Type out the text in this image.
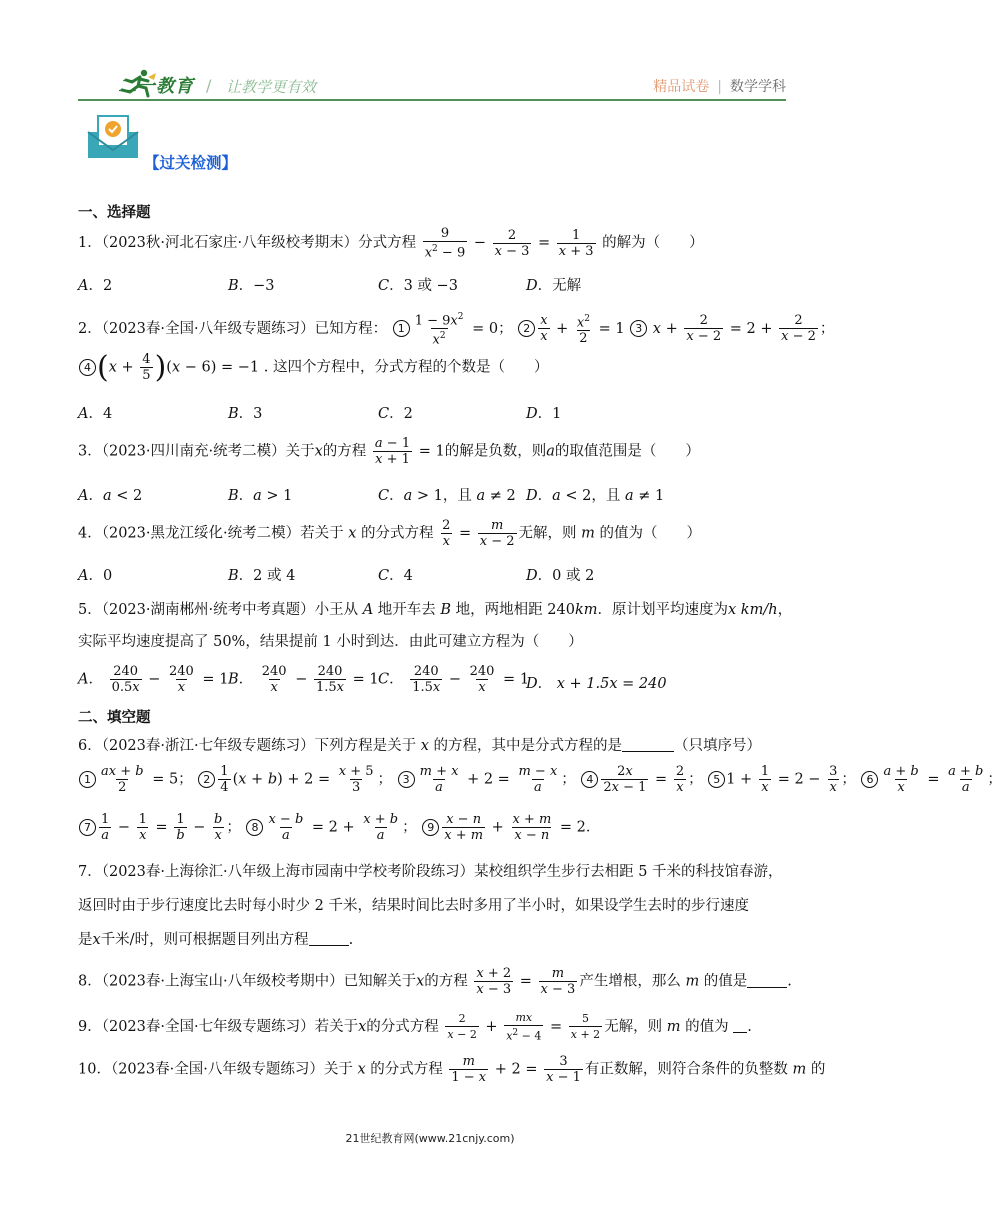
二一教育 / 让教学更有效	精品试卷 | 数学学科
【过关检测】
一、选择题
1．（2023秋·河北石家庄·八年级校考期末）分式方程 $\frac{9}{x^2 - 9} - \frac{2}{x - 3} = \frac{1}{x + 3}$ 的解为（　　）
A．2	B．−3	C．3 或 −3	D．无解
2．（2023春·全国·八年级专题练习）已知方程： $1 \frac{1 - 9x^2}{x^2} = 0$； $2 \frac{x}{x} + \frac{x^2}{2} = 1$ 3 $x + \frac{2}{x - 2} = 2 + \frac{2}{x - 2}$ ；
4 $(x + \frac{4}{5} )(x - 6) = -1$ . 这四个方程中，分式方程的个数是（　　）
A．4	B．3	C．2	D．1
3．（2023·四川南充·统考二模）关于x的方程 $\frac{a - 1}{x + 1} = 1$的解是负数，则a的取值范围是（　　）
A．a < 2	B．a > 1	C．a > 1，且 a ≠ 2 D．a < 2，且 a ≠ 1
4．（2023·黑龙江绥化·统考二模）若关于 x 的分式方程 $\frac{2}{x} = \frac{m}{x - 2}$ 无解，则 m 的值为（　　）
A．0	B．2 或 4	C．4	D．0 或 2
5．（2023·湖南郴州·统考中考真题）小王从 A 地开车去 B 地，两地相距 240km．原计划平均速度为x km/h，
实际平均速度提高了 50%，结果提前 1 小时到达．由此可建立方程为（　　）
A． $\frac{240}{0.5x} - \frac{240}{x} = 1$ B． $\frac{240}{x} - \frac{240}{1.5x} = 1$ C． $\frac{240}{1.5x} - \frac{240}{x} = 1$
D． x + 1.5x = 240
二、填空题
6．（2023春·浙江·七年级专题练习）下列方程是关于 x 的方程，其中是分式方程的是	（只填序号）
$1 \frac{ax + b}{2} = 5$； $2 \frac{1}{4} (x + b) + 2 = \frac{x + 5}{3}$ ； $3 \frac{m + x}{a} + 2 = \frac{m - x}{a}$ ； $4 \frac{2x}{2x - 1} = \frac{2}{x}$ ； 5 $1 + \frac{1}{x} = 2 - \frac{3}{x}$ ； $6 \frac{a + b}{x} = \frac{a + b}{a}$ ；
$7 \frac{1}{a} - \frac{1}{x} = \frac{1}{b} - \frac{b}{x}$ ； $8 \frac{x - b}{a} = 2 + \frac{x + b}{a}$ ； $9 \frac{x - n}{x + m} + \frac{x + m}{x - n} = 2$．
7．（2023春·上海徐汇·八年级上海市园南中学校考阶段练习）某校组织学生步行去相距 5 千米的科技馆春游，
返回时由于步行速度比去时每小时少 2 千米，结果时间比去时多用了半小时，如果设学生去时的步行速度
是x千米/时，则可根据题目列出方程	.
8．（2023春·上海宝山·八年级校考期中）已知解关于x的方程 $\frac{x + 2}{x - 3} = \frac{m}{x - 3}$ 产生增根，那么 m 的值是	.
9．（2023春·全国·七年级专题练习）若关于x的分式方程 $\frac{2}{x - 2} + \frac{mx}{x^2 - 4} = \frac{5}{x + 2}$ 无解，则 m 的值为 .
10．（2023春·全国·八年级专题练习）关于 x 的分式方程 $\frac{m}{1 - x} + 2 = \frac{3}{x - 1}$ 有正数解，则符合条件的负整数 m 的
21世纪教育网(www.21cnjy.com)
